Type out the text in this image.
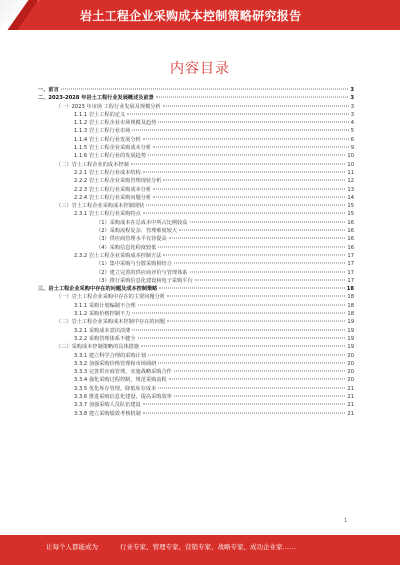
岩土工程企业采购成本控制策略研究报告
内容目录
一、前言	3
二、2023-2028 年岩土工程行业发展概述及前景	3
（一）2023 年市场 工程行业发展及规模分析	3
1.1.1 岩土工程的定义	3
1.1.2 岩土工程企业市场规模及趋势	4
1.1.3 岩土工程行业市场	5
1.1.4 岩土工程行业发展分析	6
1.1.5 岩土工程企业采购成本分析	9
1.1.6 岩土工程行业的发展趋势	10
（二）岩土工程企业的成本控制	10
2.2.1 岩土工程行业成本结构	11
2.2.2 岩土工程企业采购管理现状分析	12
2.2.3 岩土工程行业采购成本分析	13
2.2.4 岩土工程行业采购问题分析	14
（三）岩土工程企业采购成本控制现状	15
2.3.1 岩土工程行业采购特点	15
（1）采购成本在总成本中所占比例较高	16
（2）采购流程复杂、管理难度较大	16
（3）供应商管理水平有待提高	16
（4）采购信息化程度较低	16
2.3.2 岩土工程企业采购成本控制方法	17
（1）集中采购与分散采购相结合	17
（2）建立完善的供应商评价与管理体系	17
（3）推行采购信息化建设和电子采购平台	17
三、岩土工程企业采购中存在的问题及成本控制策略	18
（一）岩土工程企业采购中存在的主要问题分析	18
3.1.1 采购计划编制不合理	18
3.1.2 采购价格控制不力	18
（二）岩土工程企业采购成本控制中存在的问题	19
3.2.1 采购成本意识淡薄	19
3.2.2 采购管理体系不健全	19
（三）采购成本控制策略的具体措施	19
3.3.1 建立科学合理的采购计划	20
3.3.2 加强采购价格管理和市场调研	20
3.3.3 完善供应商管理，实施战略采购合作	20
3.3.4 强化采购过程控制，规范采购流程	20
3.3.5 优化库存管理，降低库存成本	21
3.3.6 推进采购信息化建设，提高采购效率	21
3.3.7 加强采购人员队伍建设	21
3.3.8 建立采购绩效考核机制	21
1
让每个人都能成为	行业专家、管理专家、营销专家、战略专家、成功企业家……
